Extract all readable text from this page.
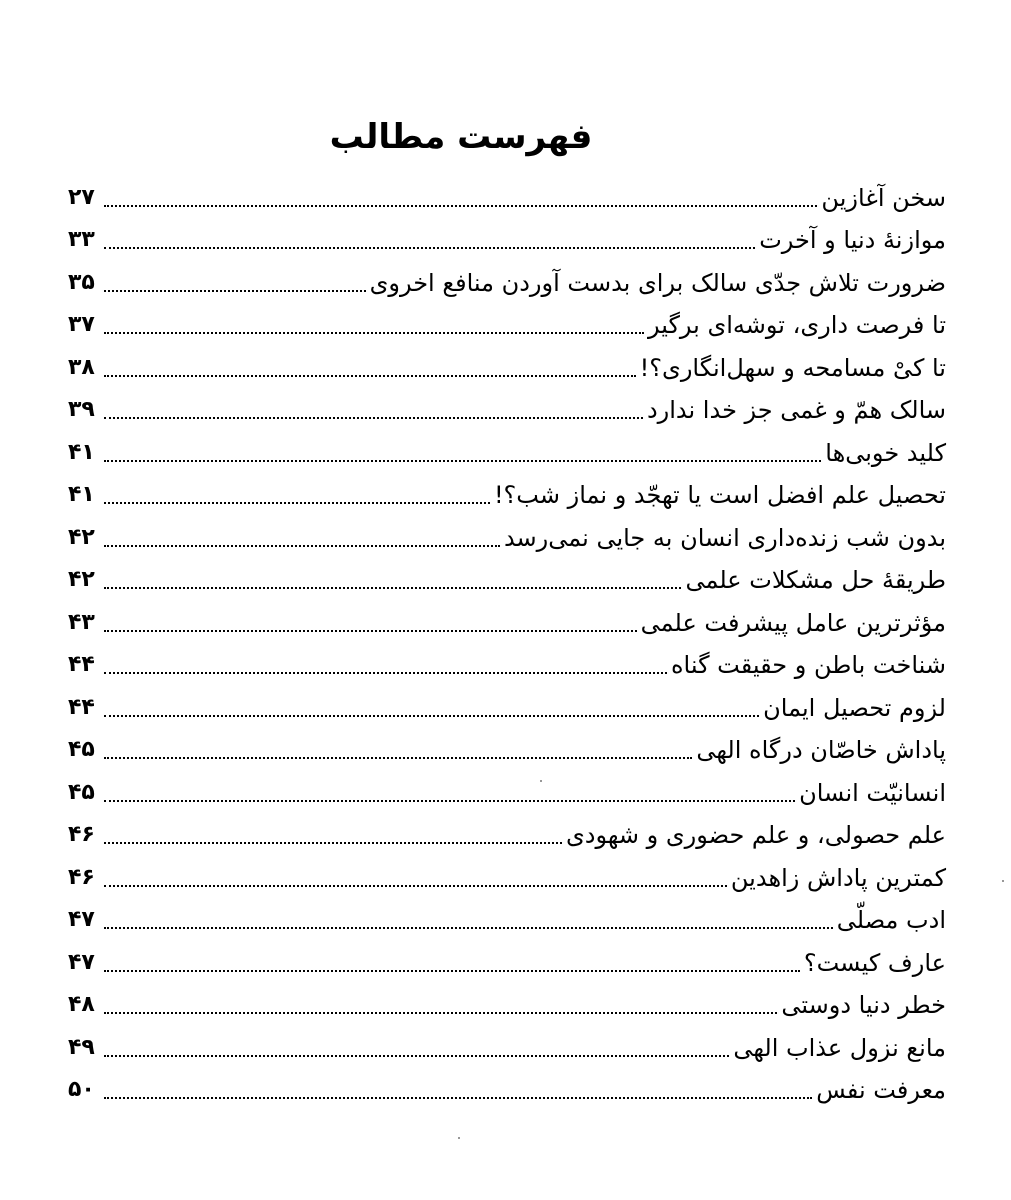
فهرست مطالب
سخن آغازین
۲۷
موازنهٔ دنیا و آخرت
۳۳
ضرورت تلاش جدّی سالک برای بدست آوردن منافع اخروی
۳۵
تا فرصت داری، توشه‌ای برگیر
۳۷
تا کیْ مسامحه و سهل‌انگاری؟!
۳۸
سالک همّ و غمی جز خدا ندارد
۳۹
کلید خوبی‌ها
۴۱
تحصیل علم افضل است یا تهجّد و نماز شب؟!
۴۱
بدون شب زنده‌داری انسان به جایی نمی‌رسد
۴۲
طریقهٔ حل مشکلات علمی
۴۲
مؤثرترین عامل پیشرفت علمی
۴۳
شناخت باطن و حقیقت گناه
۴۴
لزوم تحصیل ایمان
۴۴
پاداش خاصّان درگاه الهی
۴۵
انسانیّت انسان
۴۵
علم حصولی، و علم حضوری و شهودی
۴۶
کمترین پاداش زاهدین
۴۶
ادب مصلّی
۴۷
عارف کیست؟
۴۷
خطر دنیا دوستی
۴۸
مانع نزول عذاب الهی
۴۹
معرفت نفس
۵۰
